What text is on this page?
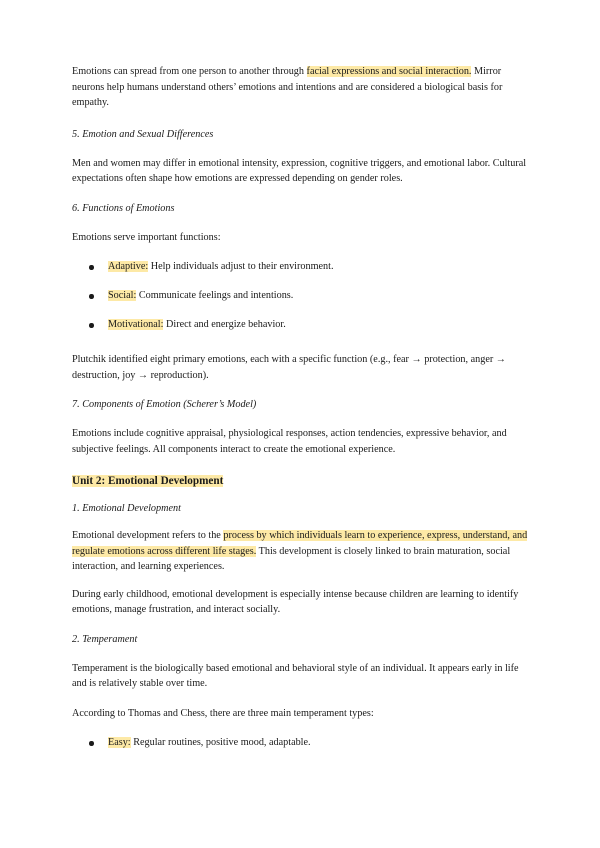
Emotions can spread from one person to another through facial expressions and social interaction. Mirror neurons help humans understand others’ emotions and intentions and are considered a biological basis for empathy.

5. Emotion and Sexual Differences

Men and women may differ in emotional intensity, expression, cognitive triggers, and emotional labor. Cultural expectations often shape how emotions are expressed depending on gender roles.

6. Functions of Emotions

Emotions serve important functions:

Adaptive: Help individuals adjust to their environment.
Social: Communicate feelings and intentions.
Motivational: Direct and energize behavior.

Plutchik identified eight primary emotions, each with a specific function (e.g., fear → protection, anger → destruction, joy → reproduction).

7. Components of Emotion (Scherer’s Model)

Emotions include cognitive appraisal, physiological responses, action tendencies, expressive behavior, and subjective feelings. All components interact to create the emotional experience.

Unit 2: Emotional Development

1. Emotional Development

Emotional development refers to the process by which individuals learn to experience, express, understand, and regulate emotions across different life stages. This development is closely linked to brain maturation, social interaction, and learning experiences.

During early childhood, emotional development is especially intense because children are learning to identify emotions, manage frustration, and interact socially.

2. Temperament

Temperament is the biologically based emotional and behavioral style of an individual. It appears early in life and is relatively stable over time.

According to Thomas and Chess, there are three main temperament types:

Easy: Regular routines, positive mood, adaptable.
